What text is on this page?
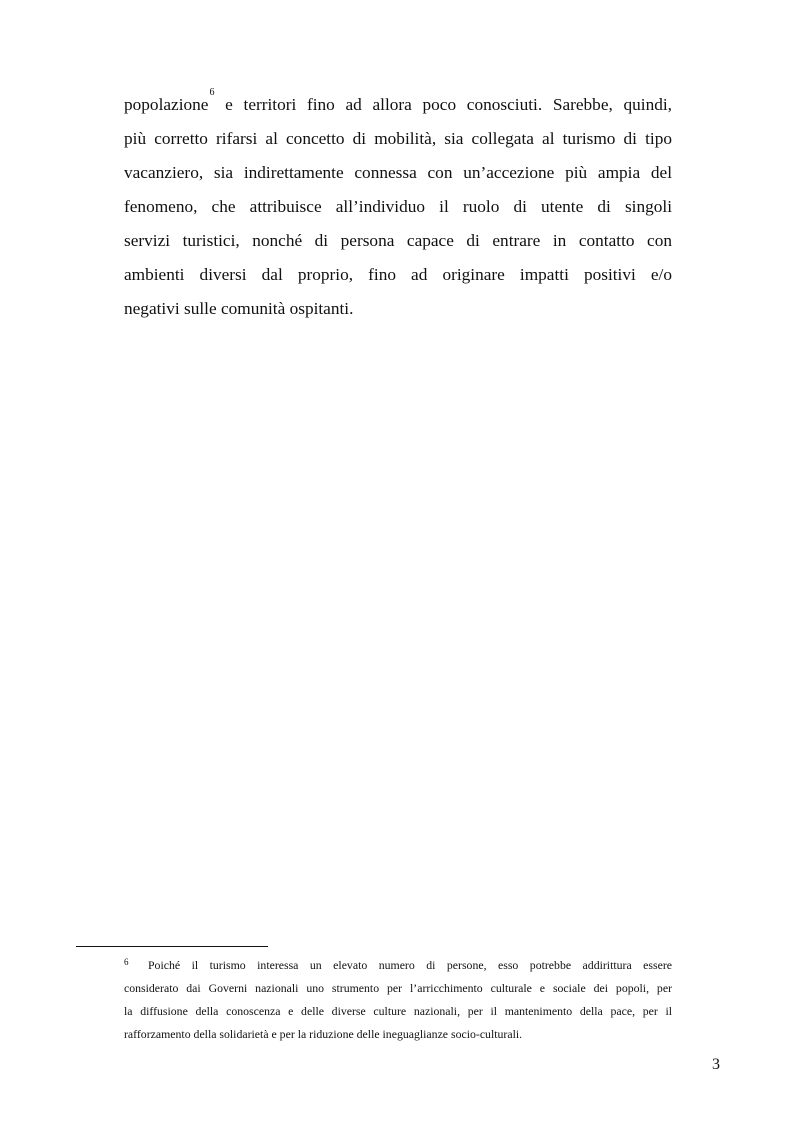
popolazione$^6$ e territori fino ad allora poco conosciuti. Sarebbe, quindi,
più corretto rifarsi al concetto di mobilità, sia collegata al turismo di tipo
vacanziero, sia indirettamente connessa con un’accezione più ampia del
fenomeno, che attribuisce all’individuo il ruolo di utente di singoli
servizi turistici, nonché di persona capace di entrare in contatto con
ambienti diversi dal proprio, fino ad originare impatti positivi e/o
negativi sulle comunità ospitanti.
6 Poiché il turismo interessa un elevato numero di persone, esso potrebbe addirittura essere
considerato dai Governi nazionali uno strumento per l’arricchimento culturale e sociale dei popoli, per
la diffusione della conoscenza e delle diverse culture nazionali, per il mantenimento della pace, per il
rafforzamento della solidarietà e per la riduzione delle ineguaglianze socio-culturali.
3
